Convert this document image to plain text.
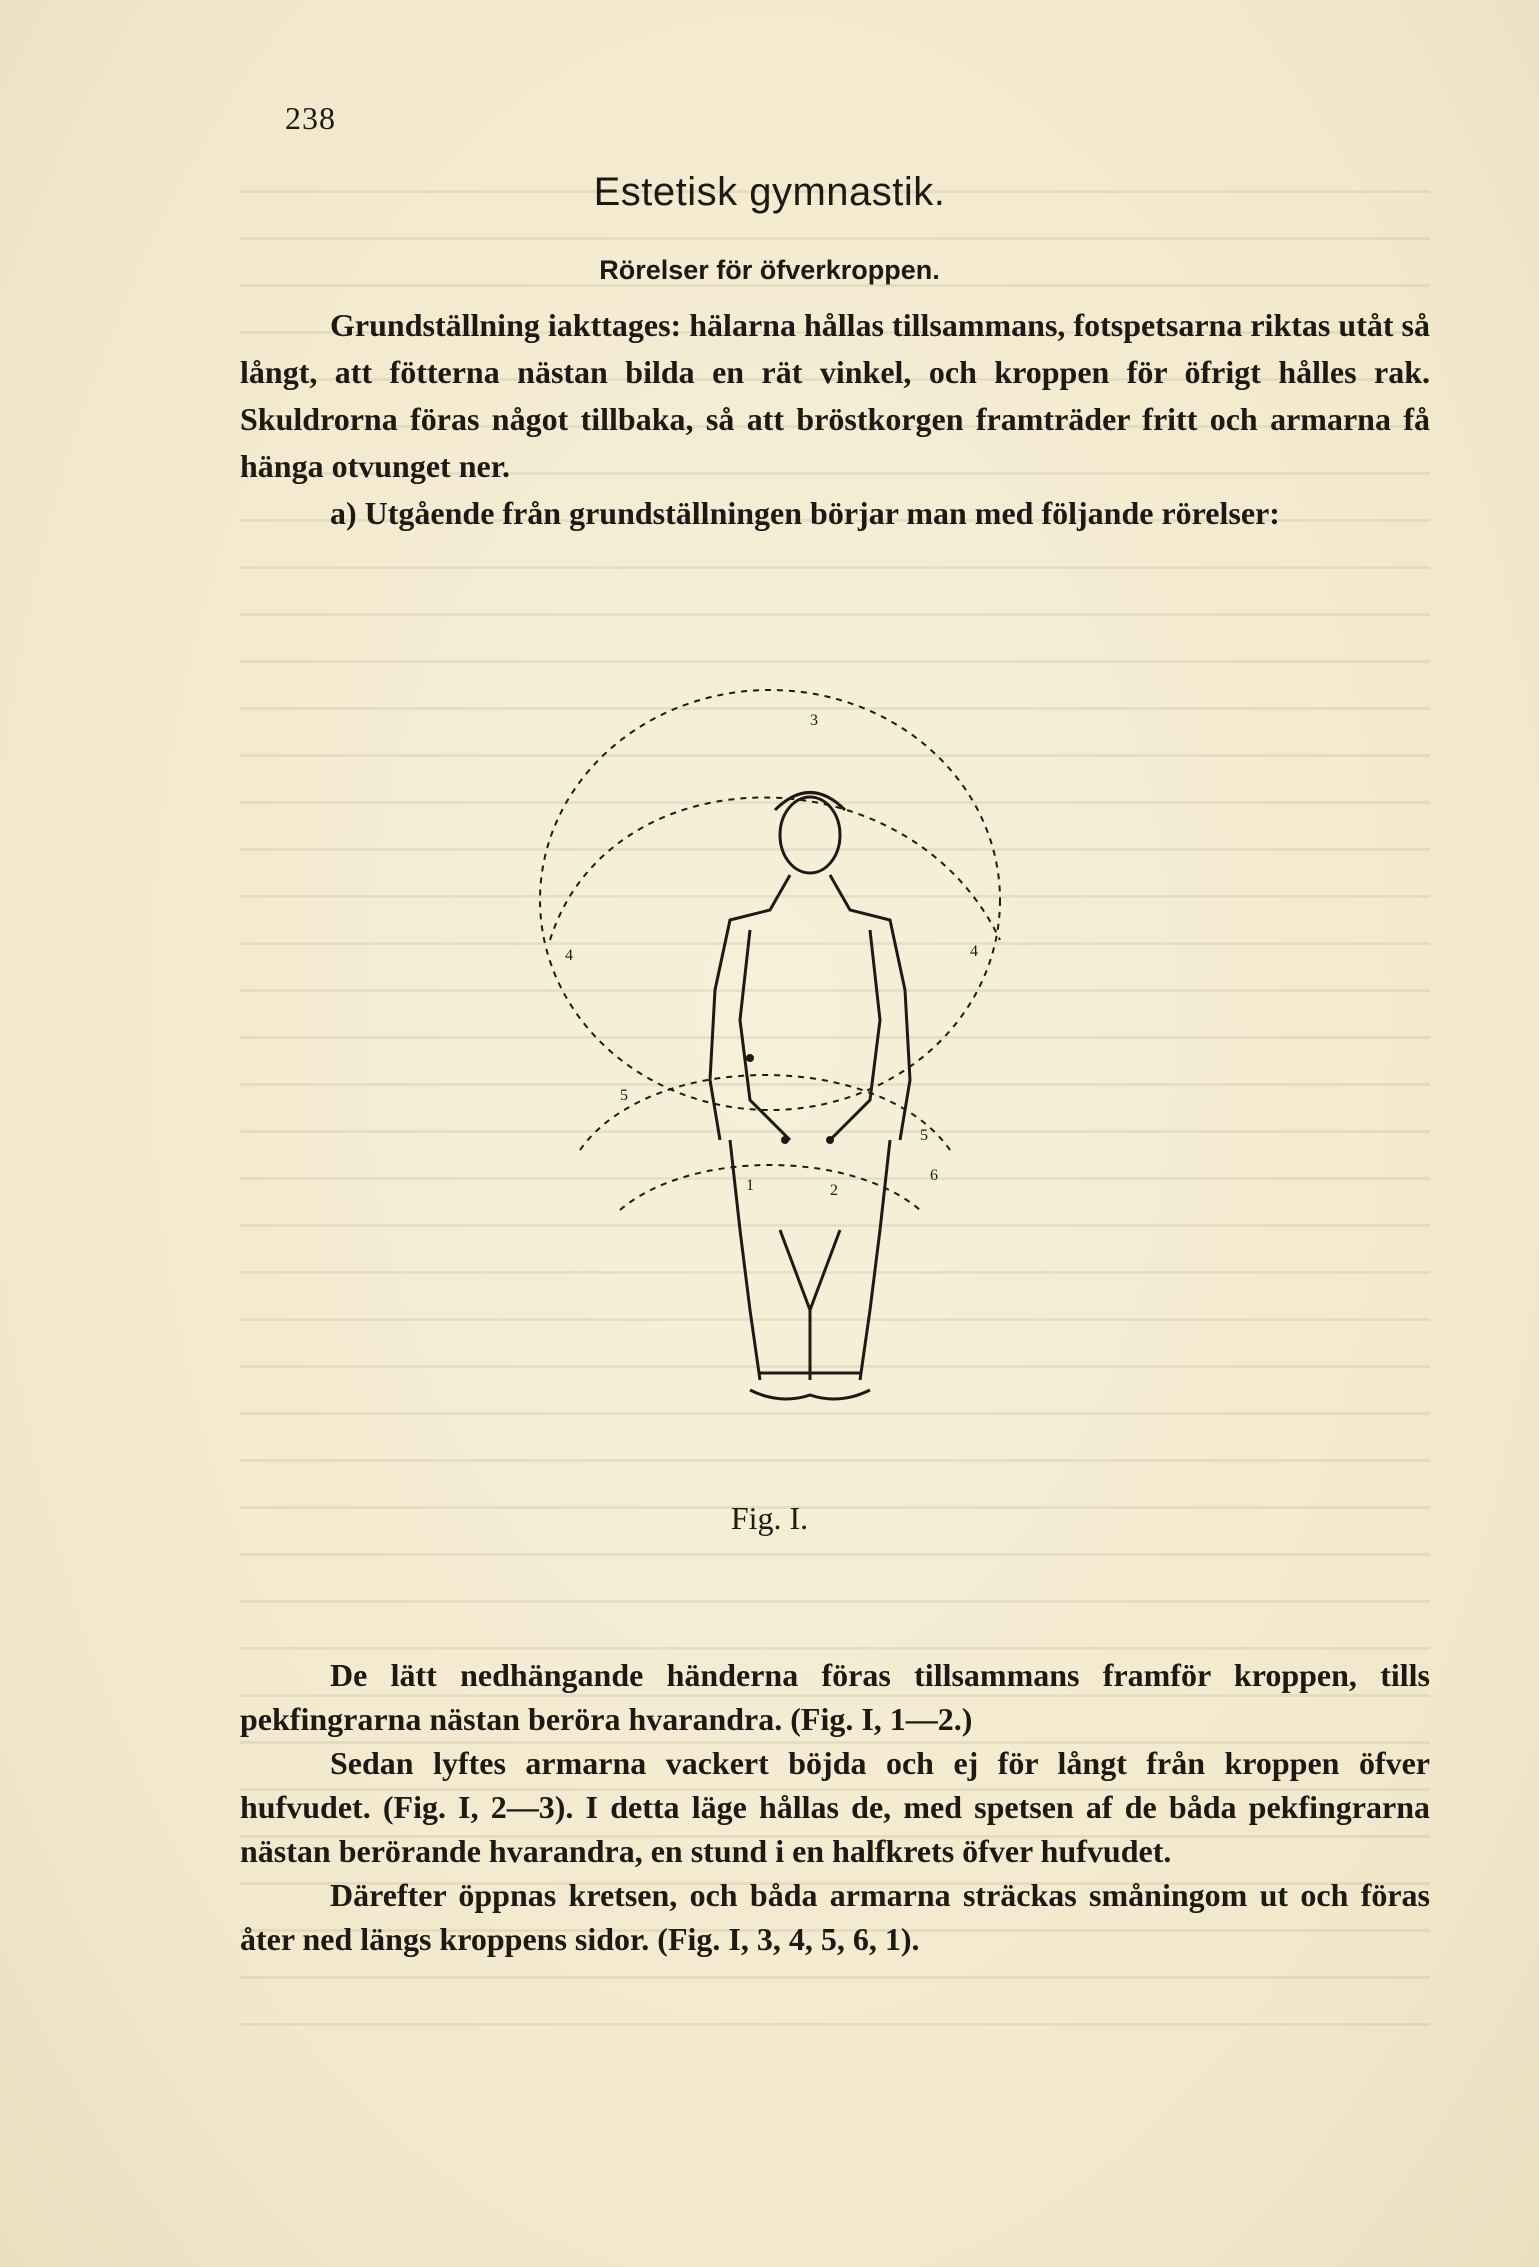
238
Estetisk gymnastik.
Rörelser för öfverkroppen.

Grundställning iakttages: hälarna hållas tillsammans, fotspetsarna riktas utåt så långt, att fötterna nästan bilda en rät vinkel, och kroppen för öfrigt hålles rak. Skuldrorna föras något tillbaka, så att bröstkorgen framträder fritt och armarna få hänga otvunget ner.

a) Utgående från grundställningen börjar man med följande rörelser:

3
4
4
5
5
6
1	2
Fig. I.

De lätt nedhängande händerna föras tillsammans framför kroppen, tills pekfingrarna nästan beröra hvarandra. (Fig. I, 1—2.)

Sedan lyftes armarna vackert böjda och ej för långt från kroppen öfver hufvudet. (Fig. I, 2—3). I detta läge hållas de, med spetsen af de båda pekfingrarna nästan berörande hvarandra, en stund i en halfkrets öfver hufvudet.

Därefter öppnas kretsen, och båda armarna sträckas småningom ut och föras åter ned längs kroppens sidor. (Fig. I, 3, 4, 5, 6, 1).
